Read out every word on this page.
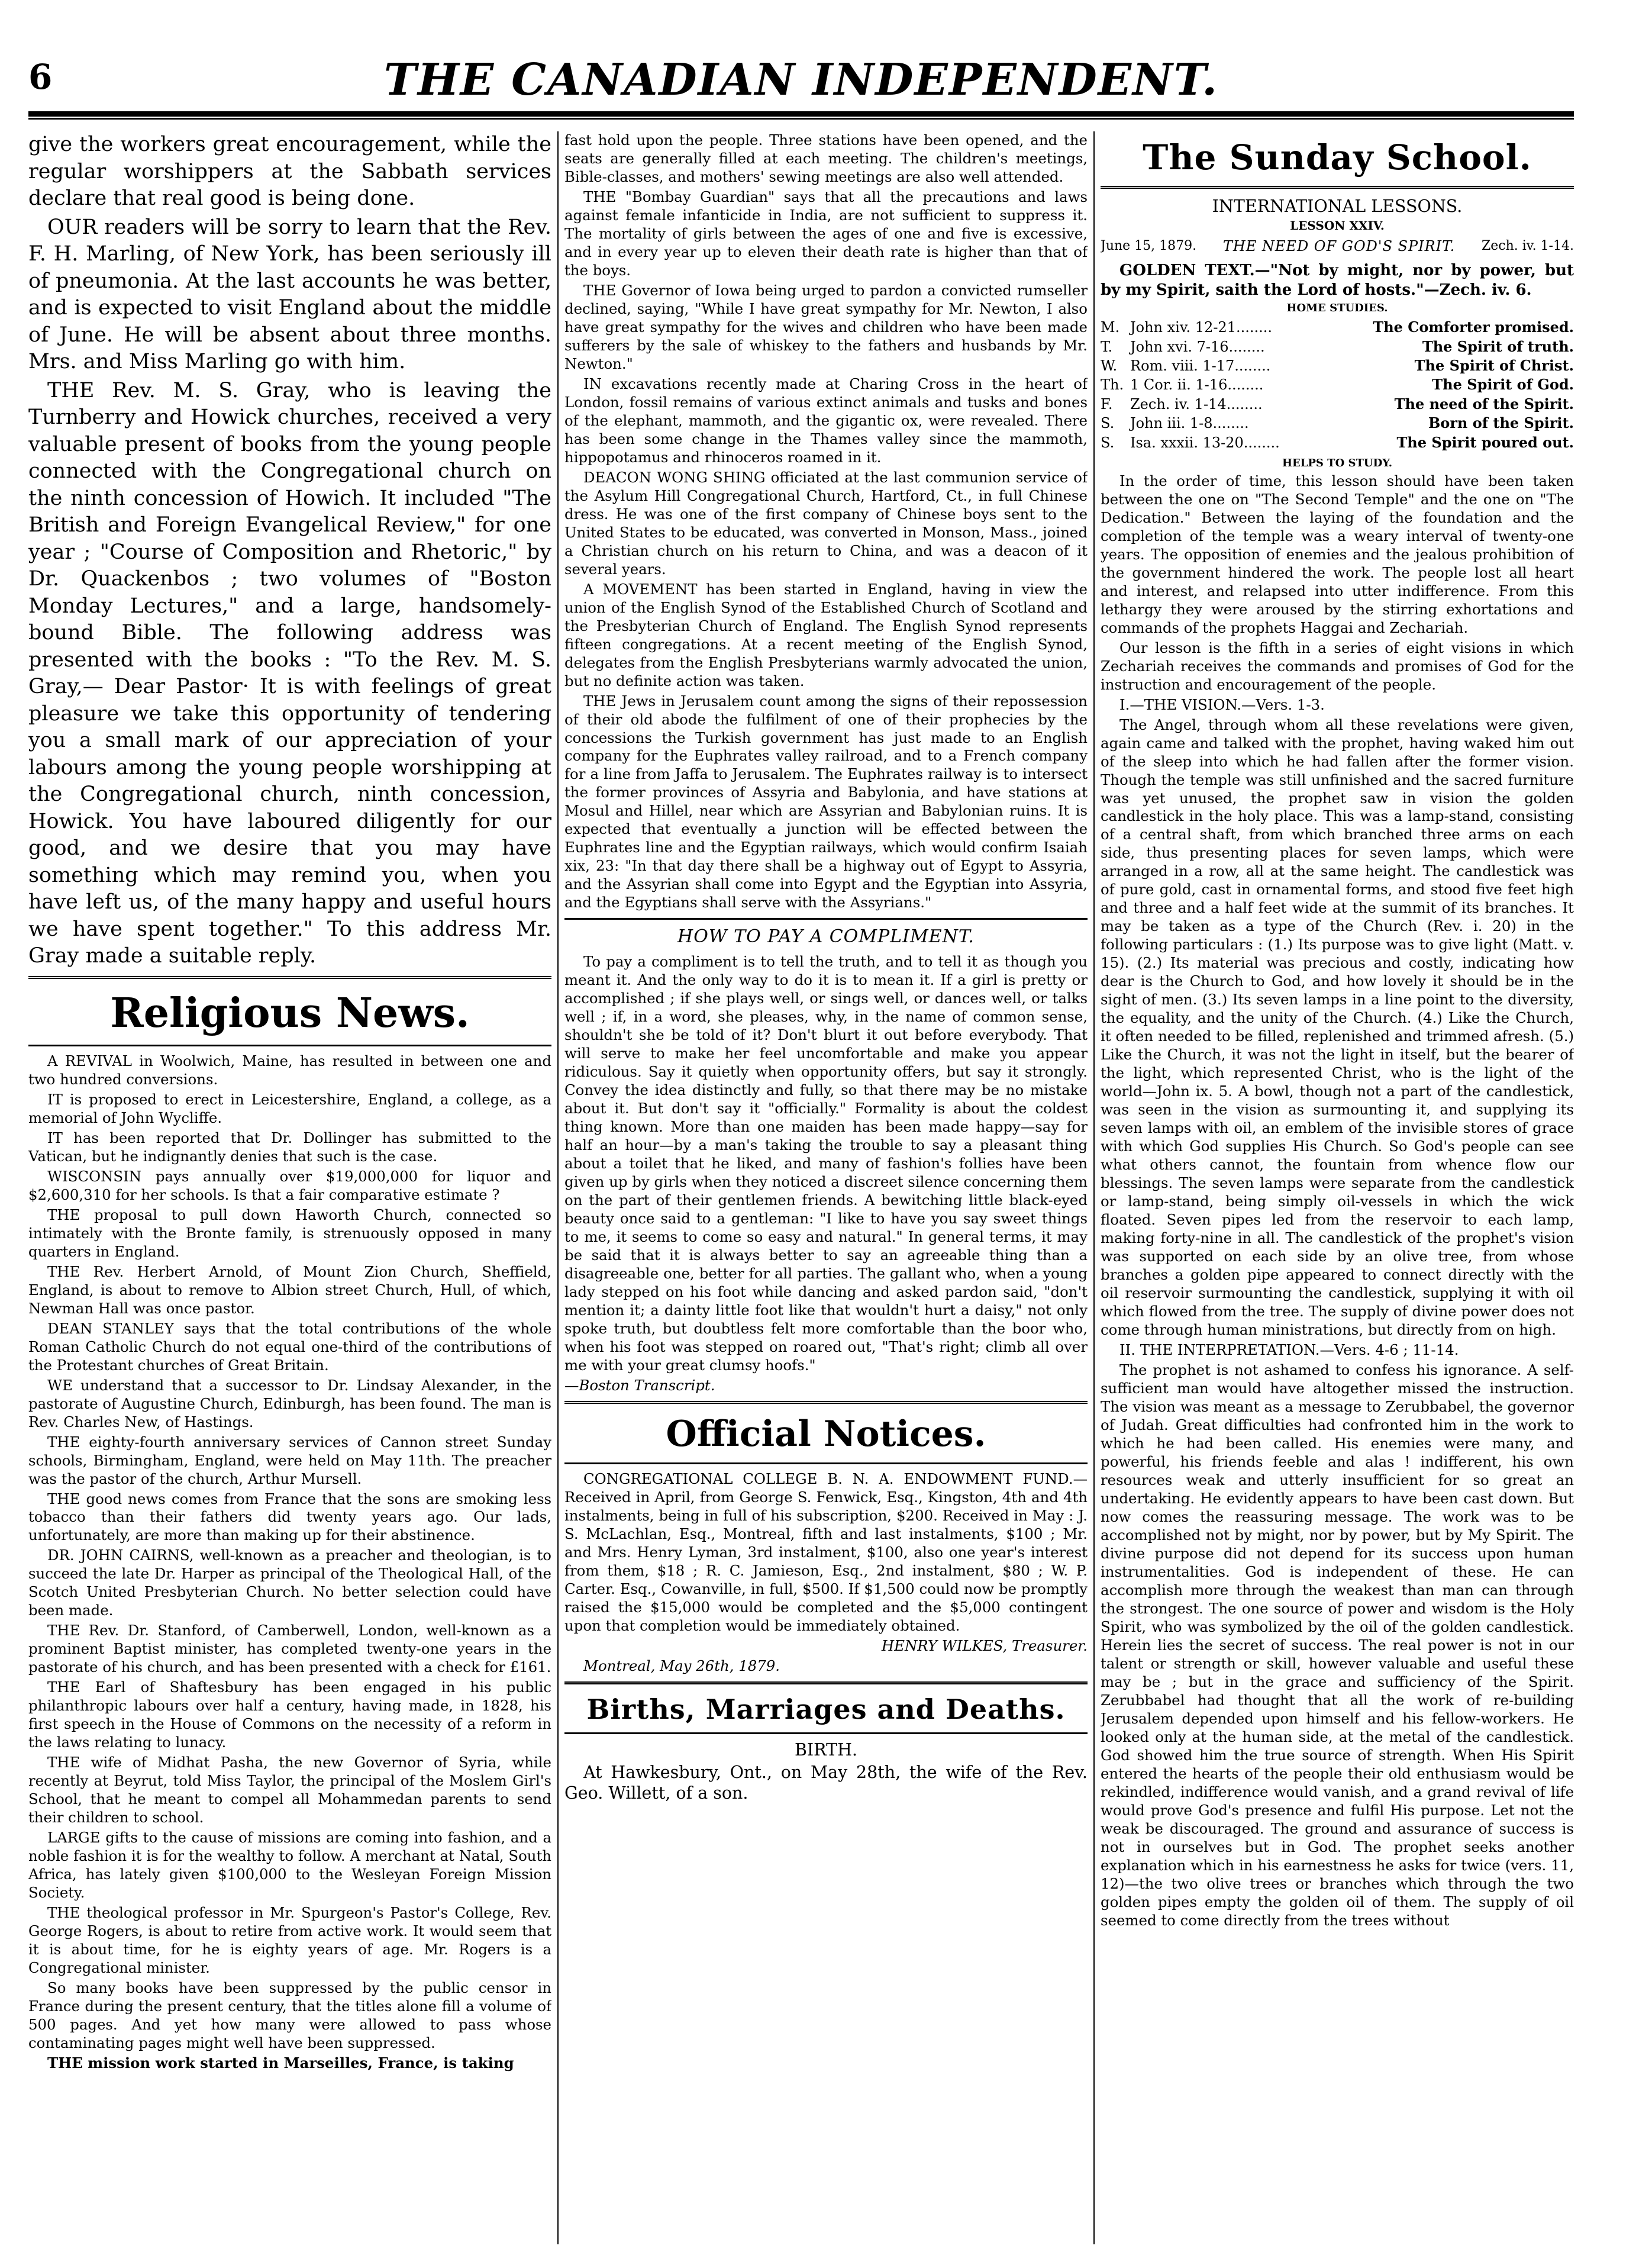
6	THE CANADIAN INDEPENDENT.

give the workers great encouragement, while the regular worshippers at the Sabbath services declare that real good is being done.

OUR readers will be sorry to learn that the Rev. F. H. Marling, of New York, has been seriously ill of pneumonia. At the last accounts he was better, and is expected to visit England about the middle of June. He will be absent about three months. Mrs. and Miss Marling go with him.

THE Rev. M. S. Gray, who is leaving the Turnberry and Howick churches, received a very valuable present of books from the young people connected with the Congregational church on the ninth concession of Howich. It included "The British and Foreign Evangelical Review," for one year ; "Course of Composition and Rhetoric," by Dr. Quackenbos ; two volumes of "Boston Monday Lectures," and a large, handsomely-bound Bible. The following address was presented with the books : "To the Rev. M. S. Gray,— Dear Pastor· It is with feelings of great pleasure we take this opportunity of tendering you a small mark of our appreciation of your labours among the young people worshipping at the Congregational church, ninth concession, Howick. You have laboured diligently for our good, and we desire that you may have something which may remind you, when you have left us, of the many happy and useful hours we have spent together." To this address Mr. Gray made a suitable reply.

Religious News.

A REVIVAL in Woolwich, Maine, has resulted in between one and two hundred conversions.

IT is proposed to erect in Leicestershire, England, a college, as a memorial of John Wycliffe.

IT has been reported that Dr. Dollinger has submitted to the Vatican, but he indignantly denies that such is the case.

WISCONSIN pays annually over $19,000,000 for liquor and $2,600,310 for her schools. Is that a fair comparative estimate ?

THE proposal to pull down Haworth Church, connected so intimately with the Bronte family, is strenuously opposed in many quarters in England.

THE Rev. Herbert Arnold, of Mount Zion Church, Sheffield, England, is about to remove to Albion street Church, Hull, of which, Newman Hall was once pastor.

DEAN STANLEY says that the total contributions of the whole Roman Catholic Church do not equal one-third of the contributions of the Protestant churches of Great Britain.

WE understand that a successor to Dr. Lindsay Alexander, in the pastorate of Augustine Church, Edinburgh, has been found. The man is Rev. Charles New, of Hastings.

THE eighty-fourth anniversary services of Cannon street Sunday schools, Birmingham, England, were held on May 11th. The preacher was the pastor of the church, Arthur Mursell.

THE good news comes from France that the sons are smoking less tobacco than their fathers did twenty years ago. Our lads, unfortunately, are more than making up for their abstinence.

DR. JOHN CAIRNS, well-known as a preacher and theologian, is to succeed the late Dr. Harper as principal of the Theological Hall, of the Scotch United Presbyterian Church. No better selection could have been made.

THE Rev. Dr. Stanford, of Camberwell, London, well-known as a prominent Baptist minister, has completed twenty-one years in the pastorate of his church, and has been presented with a check for £161.

THE Earl of Shaftesbury has been engaged in his public philanthropic labours over half a century, having made, in 1828, his first speech in the House of Commons on the necessity of a reform in the laws relating to lunacy.

THE wife of Midhat Pasha, the new Governor of Syria, while recently at Beyrut, told Miss Taylor, the principal of the Moslem Girl's School, that he meant to compel all Mohammedan parents to send their children to school.

LARGE gifts to the cause of missions are coming into fashion, and a noble fashion it is for the wealthy to follow. A merchant at Natal, South Africa, has lately given $100,000 to the Wesleyan Foreign Mission Society.

THE theological professor in Mr. Spurgeon's Pastor's College, Rev. George Rogers, is about to retire from active work. It would seem that it is about time, for he is eighty years of age. Mr. Rogers is a Congregational minister.

So many books have been suppressed by the public censor in France during the present century, that the titles alone fill a volume of 500 pages. And yet how many were allowed to pass whose contaminating pages might well have been suppressed.

THE mission work started in Marseilles, France, is taking

fast hold upon the people. Three stations have been opened, and the seats are generally filled at each meeting. The children's meetings, Bible-classes, and mothers' sewing meetings are also well attended.

THE "Bombay Guardian" says that all the precautions and laws against female infanticide in India, are not sufficient to suppress it. The mortality of girls between the ages of one and five is excessive, and in every year up to eleven their death rate is higher than that of the boys.

THE Governor of Iowa being urged to pardon a convicted rumseller declined, saying, "While I have great sympathy for Mr. Newton, I also have great sympathy for the wives and children who have been made sufferers by the sale of whiskey to the fathers and husbands by Mr. Newton."

IN excavations recently made at Charing Cross in the heart of London, fossil remains of various extinct animals and tusks and bones of the elephant, mammoth, and the gigantic ox, were revealed. There has been some change in the Thames valley since the mammoth, hippopotamus and rhinoceros roamed in it.

DEACON WONG SHING officiated at the last communion service of the Asylum Hill Congregational Church, Hartford, Ct., in full Chinese dress. He was one of the first company of Chinese boys sent to the United States to be educated, was converted in Monson, Mass., joined a Christian church on his return to China, and was a deacon of it several years.

A MOVEMENT has been started in England, having in view the union of the English Synod of the Established Church of Scotland and the Presbyterian Church of England. The English Synod represents fifteen congregations. At a recent meeting of the English Synod, delegates from the English Presbyterians warmly advocated the union, but no definite action was taken.

THE Jews in Jerusalem count among the signs of their repossession of their old abode the fulfilment of one of their prophecies by the concessions the Turkish government has just made to an English company for the Euphrates valley railroad, and to a French company for a line from Jaffa to Jerusalem. The Euphrates railway is to intersect the former provinces of Assyria and Babylonia, and have stations at Mosul and Hillel, near which are Assyrian and Babylonian ruins. It is expected that eventually a junction will be effected between the Euphrates line and the Egyptian railways, which would confirm Isaiah xix, 23: "In that day there shall be a highway out of Egypt to Assyria, and the Assyrian shall come into Egypt and the Egyptian into Assyria, and the Egyptians shall serve with the Assyrians."

HOW TO PAY A COMPLIMENT.

To pay a compliment is to tell the truth, and to tell it as though you meant it. And the only way to do it is to mean it. If a girl is pretty or accomplished ; if she plays well, or sings well, or dances well, or talks well ; if, in a word, she pleases, why, in the name of common sense, shouldn't she be told of it? Don't blurt it out before everybody. That will serve to make her feel uncomfortable and make you appear ridiculous. Say it quietly when opportunity offers, but say it strongly. Convey the idea distinctly and fully, so that there may be no mistake about it. But don't say it "officially." Formality is about the coldest thing known. More than one maiden has been made happy—say for half an hour—by a man's taking the trouble to say a pleasant thing about a toilet that he liked, and many of fashion's follies have been given up by girls when they noticed a discreet silence concerning them on the part of their gentlemen friends. A bewitching little black-eyed beauty once said to a gentleman: "I like to have you say sweet things to me, it seems to come so easy and natural." In general terms, it may be said that it is always better to say an agreeable thing than a disagreeable one, better for all parties. The gallant who, when a young lady stepped on his foot while dancing and asked pardon said, "don't mention it; a dainty little foot like that wouldn't hurt a daisy," not only spoke truth, but doubtless felt more comfortable than the boor who, when his foot was stepped on roared out, "That's right; climb all over me with your great clumsy hoofs."

—Boston Transcript.

Official Notices.

CONGREGATIONAL COLLEGE B. N. A. ENDOWMENT FUND.—Received in April, from George S. Fenwick, Esq., Kingston, 4th and 4th instalments, being in full of his subscription, $200. Received in May : J. S. McLachlan, Esq., Montreal, fifth and last instalments, $100 ; Mr. and Mrs. Henry Lyman, 3rd instalment, $100, also one year's interest from them, $18 ; R. C. Jamieson, Esq., 2nd instalment, $80 ; W. P. Carter. Esq., Cowanville, in full, $500. If $1,500 could now be promptly raised the $15,000 would be completed and the $5,000 contingent upon that completion would be immediately obtained.

HENRY WILKES, Treasurer.

Montreal, May 26th, 1879.

Births, Marriages and Deaths.

BIRTH.

At Hawkesbury, Ont., on May 28th, the wife of the Rev. Geo. Willett, of a son.

The Sunday School.

INTERNATIONAL LESSONS.

LESSON XXIV.

June 15, 1879. THE NEED OF GOD'S SPIRIT. Zech. iv. 1-14.

GOLDEN TEXT.—"Not by might, nor by power, but by my Spirit, saith the Lord of hosts."—Zech. iv. 6.

HOME STUDIES.

M. John xiv. 12-21........	The Comforter promised.
T.	John xvi. 7-16........	The Spirit of truth.
W. Rom. viii. 1-17........	The Spirit of Christ.
Th. 1 Cor. ii. 1-16........	The Spirit of God.
F.	Zech. iv. 1-14........	The need of the Spirit.
S.	John iii. 1-8........	Born of the Spirit.
S.	Isa. xxxii. 13-20........	The Spirit poured out.

HELPS TO STUDY.

In the order of time, this lesson should have been taken between the one on "The Second Temple" and the one on "The Dedication." Between the laying of the foundation and the completion of the temple was a weary interval of twenty-one years. The opposition of enemies and the jealous prohibition of the government hindered the work. The people lost all heart and interest, and relapsed into utter indifference. From this lethargy they were aroused by the stirring exhortations and commands of the prophets Haggai and Zechariah.

Our lesson is the fifth in a series of eight visions in which Zechariah receives the commands and promises of God for the instruction and encouragement of the people.

I.—THE VISION.—Vers. 1-3.

The Angel, through whom all these revelations were given, again came and talked with the prophet, having waked him out of the sleep into which he had fallen after the former vision. Though the temple was still unfinished and the sacred furniture was yet unused, the prophet saw in vision the golden candlestick in the holy place. This was a lamp-stand, consisting of a central shaft, from which branched three arms on each side, thus presenting places for seven lamps, which were arranged in a row, all at the same height. The candlestick was of pure gold, cast in ornamental forms, and stood five feet high and three and a half feet wide at the summit of its branches. It may be taken as a type of the Church (Rev. i. 20) in the following particulars : (1.) Its purpose was to give light (Matt. v. 15). (2.) Its material was precious and costly, indicating how dear is the Church to God, and how lovely it should be in the sight of men. (3.) Its seven lamps in a line point to the diversity, the equality, and the unity of the Church. (4.) Like the Church, it often needed to be filled, replenished and trimmed afresh. (5.) Like the Church, it was not the light in itself, but the bearer of the light, which represented Christ, who is the light of the world—John ix. 5. A bowl, though not a part of the candlestick, was seen in the vision as surmounting it, and supplying its seven lamps with oil, an emblem of the invisible stores of grace with which God supplies His Church. So God's people can see what others cannot, the fountain from whence flow our blessings. The seven lamps were separate from the candlestick or lamp-stand, being simply oil-vessels in which the wick floated. Seven pipes led from the reservoir to each lamp, making forty-nine in all. The candlestick of the prophet's vision was supported on each side by an olive tree, from whose branches a golden pipe appeared to connect directly with the oil reservoir surmounting the candlestick, supplying it with oil which flowed from the tree. The supply of divine power does not come through human ministrations, but directly from on high.

II. THE INTERPRETATION.—Vers. 4-6 ; 11-14.

The prophet is not ashamed to confess his ignorance. A self-sufficient man would have altogether missed the instruction. The vision was meant as a message to Zerubbabel, the governor of Judah. Great difficulties had confronted him in the work to which he had been called. His enemies were many, and powerful, his friends feeble and alas ! indifferent, his own resources weak and utterly insufficient for so great an undertaking. He evidently appears to have been cast down. But now comes the reassuring message. The work was to be accomplished not by might, nor by power, but by My Spirit. The divine purpose did not depend for its success upon human instrumentalities. God is independent of these. He can accomplish more through the weakest than man can through the strongest. The one source of power and wisdom is the Holy Spirit, who was symbolized by the oil of the golden candlestick. Herein lies the secret of success. The real power is not in our talent or strength or skill, however valuable and useful these may be ; but in the grace and sufficiency of the Spirit. Zerubbabel had thought that all the work of re-building Jerusalem depended upon himself and his fellow-workers. He looked only at the human side, at the metal of the candlestick. God showed him the true source of strength. When His Spirit entered the hearts of the people their old enthusiasm would be rekindled, indifference would vanish, and a grand revival of life would prove God's presence and fulfil His purpose. Let not the weak be discouraged. The ground and assurance of success is not in ourselves but in God. The prophet seeks another explanation which in his earnestness he asks for twice (vers. 11, 12)—the two olive trees or branches which through the two golden pipes empty the golden oil of them. The supply of oil seemed to come directly from the trees without
